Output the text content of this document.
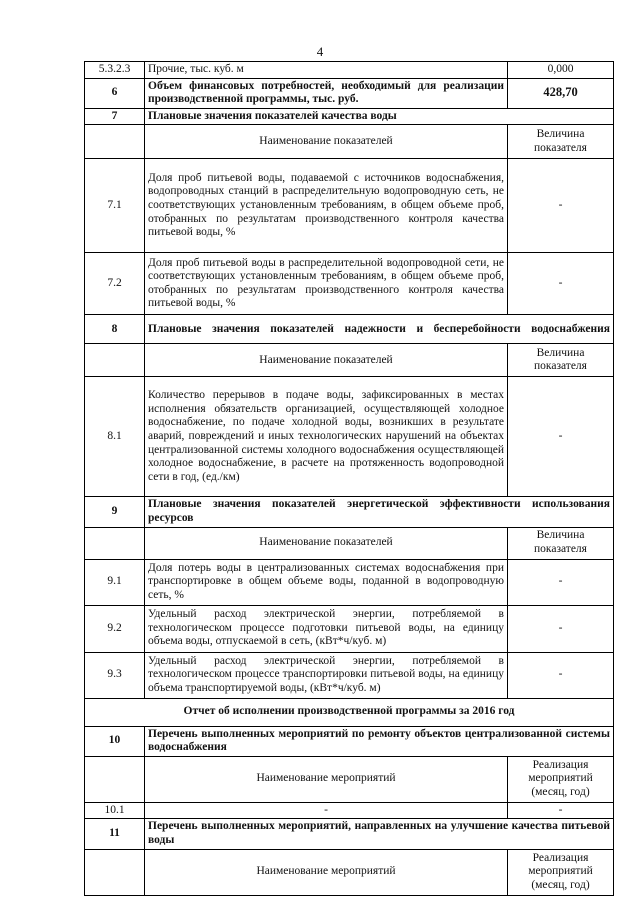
4
5.3.2.3	Прочие, тыс. куб. м	0,000
6	Объем финансовых потребностей, необходимый для реализации производственной программы, тыс. руб.	428,70
7	Плановые значения показателей качества воды	
	Наименование показателей	Величина показателя
7.1	Доля проб питьевой воды, подаваемой с источников водоснабжения, водопроводных станций в распределительную водопроводную сеть, не соответствующих установленным требованиям, в общем объеме проб, отобранных по результатам производственного контроля качества питьевой воды, %	-
7.2	Доля проб питьевой воды в распределительной водопроводной сети, не соответствующих установленным требованиям, в общем объеме проб, отобранных по результатам производственного контроля качества питьевой воды, %	-
8	Плановые значения показателей надежности и бесперебойности водоснабжения	
	Наименование показателей	Величина показателя
8.1	Количество перерывов в подаче воды, зафиксированных в местах исполнения обязательств организацией, осуществляющей холодное водоснабжение, по подаче холодной воды, возникших в результате аварий, повреждений и иных технологических нарушений на объектах централизованной системы холодного водоснабжения осуществляющей холодное водоснабжение, в расчете на протяженность водопроводной сети в год, (ед./км)	-
9	Плановые значения показателей энергетической эффективности использования ресурсов	
	Наименование показателей	Величина показателя
9.1	Доля потерь воды в централизованных системах водоснабжения при транспортировке в общем объеме воды, поданной в водопроводную сеть, %	-
9.2	Удельный расход электрической энергии, потребляемой в технологическом процессе подготовки питьевой воды, на единицу объема воды, отпускаемой в сеть, (кВт*ч/куб. м)	-
9.3	Удельный расход электрической энергии, потребляемой в технологическом процессе транспортировки питьевой воды, на единицу объема транспортируемой воды, (кВт*ч/куб. м)	-
Отчет об исполнении производственной программы за 2016 год		
10	Перечень выполненных мероприятий по ремонту объектов централизованной системы водоснабжения	
	Наименование мероприятий	Реализация мероприятий (месяц, год)
10.1	-	-
11	Перечень выполненных мероприятий, направленных на улучшение качества питьевой воды	
	Наименование мероприятий	Реализация мероприятий (месяц, год)
